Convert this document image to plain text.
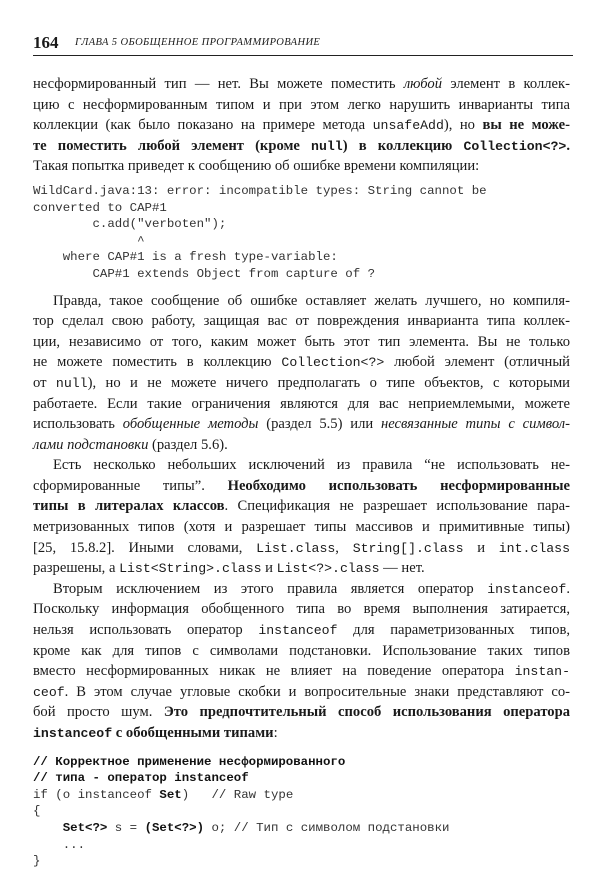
164 ГЛАВА 5 ОБОБЩЕННОЕ ПРОГРАММИРОВАНИЕ
несформированный тип — нет. Вы можете поместить любой элемент в коллек-
цию с несформированным типом и при этом легко нарушить инварианты типа
коллекции (как было показано на примере метода unsafeAdd), но вы не може-
те поместить любой элемент (кроме null) в коллекцию Collection<?>.
Такая попытка приведет к сообщению об ошибке времени компиляции:
WildCard.java:13: error: incompatible types: String cannot be
converted to CAP#1
c.add("verboten");
^
where CAP#1 is a fresh type-variable:
CAP#1 extends Object from capture of ?
Правда, такое сообщение об ошибке оставляет желать лучшего, но компиля-
тор сделал свою работу, защищая вас от повреждения инварианта типа коллек-
ции, независимо от того, каким может быть этот тип элемента. Вы не только
не можете поместить в коллекцию Collection<?> любой элемент (отличный
от null), но и не можете ничего предполагать о типе объектов, с которыми
работаете. Если такие ограничения являются для вас неприемлемыми, можете
использовать обобщенные методы (раздел 5.5) или несвязанные типы с символ-
лами подстановки (раздел 5.6).
Есть несколько небольших исключений из правила “не использовать не-
сформированные типы”. Необходимо использовать несформированные
типы в литералах классов. Спецификация не разрешает использование пара-
метризованных типов (хотя и разрешает типы массивов и примитивные типы)
[25, 15.8.2]. Иными словами, List.class, String[].class и int.class
разрешены, а List<String>.class и List<?>.class — нет.
Вторым исключением из этого правила является оператор instanceof.
Поскольку информация обобщенного типа во время выполнения затирается,
нельзя использовать оператор instanceof для параметризованных типов,
кроме как для типов с символами подстановки. Использование таких типов
вместо несформированных никак не влияет на поведение оператора instan-
ceof. В этом случае угловые скобки и вопросительные знаки представляют со-
бой просто шум. Это предпочтительный способ использования оператора
instanceof с обобщенными типами:
// Корректное применение несформированного
// типа - оператор instanceof
if (o instanceof Set)   // Raw type
{
Set<?> s = (Set<?>) o; // Тип с символом подстановки
...
}
